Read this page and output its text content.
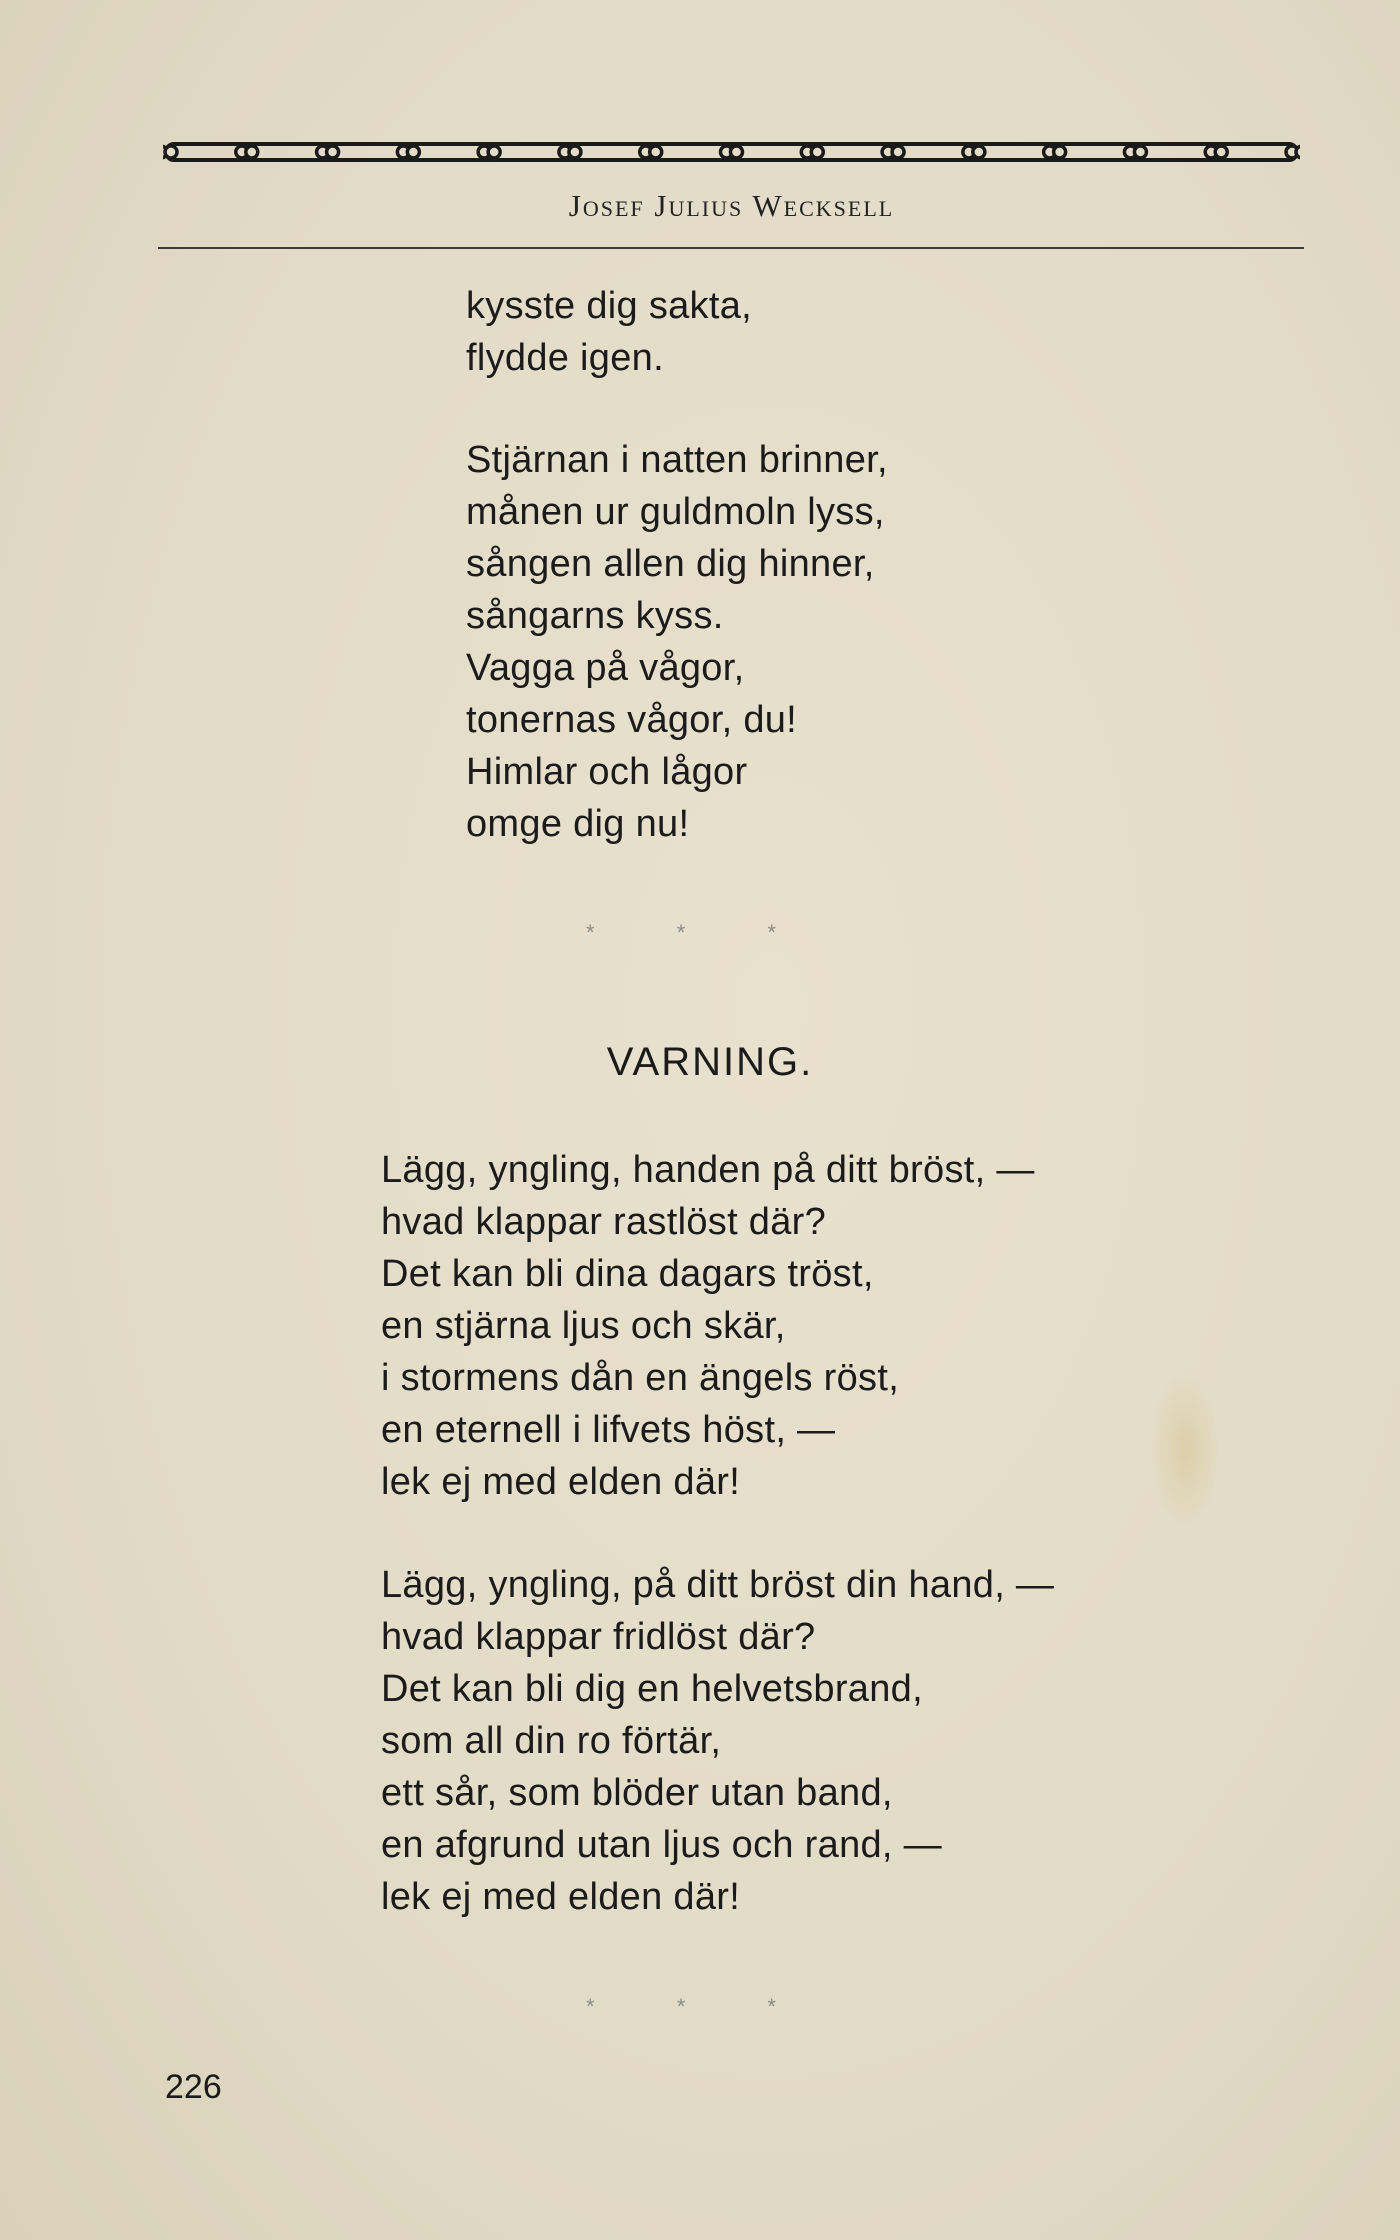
Josef Julius Wecksell
kysste dig sakta,
flydde igen.
Stjärnan i natten brinner,
månen ur guldmoln lyss,
sången allen dig hinner,
sångarns kyss.
Vagga på vågor,
tonernas vågor, du!
Himlar och lågor
omge dig nu!
* * *
VARNING.
Lägg, yngling, handen på ditt bröst, —
hvad klappar rastlöst där?
Det kan bli dina dagars tröst,
en stjärna ljus och skär,
i stormens dån en ängels röst,
en eternell i lifvets höst, —
lek ej med elden där!
Lägg, yngling, på ditt bröst din hand, —
hvad klappar fridlöst där?
Det kan bli dig en helvetsbrand,
som all din ro förtär,
ett sår, som blöder utan band,
en afgrund utan ljus och rand, —
lek ej med elden där!
* * *
226
